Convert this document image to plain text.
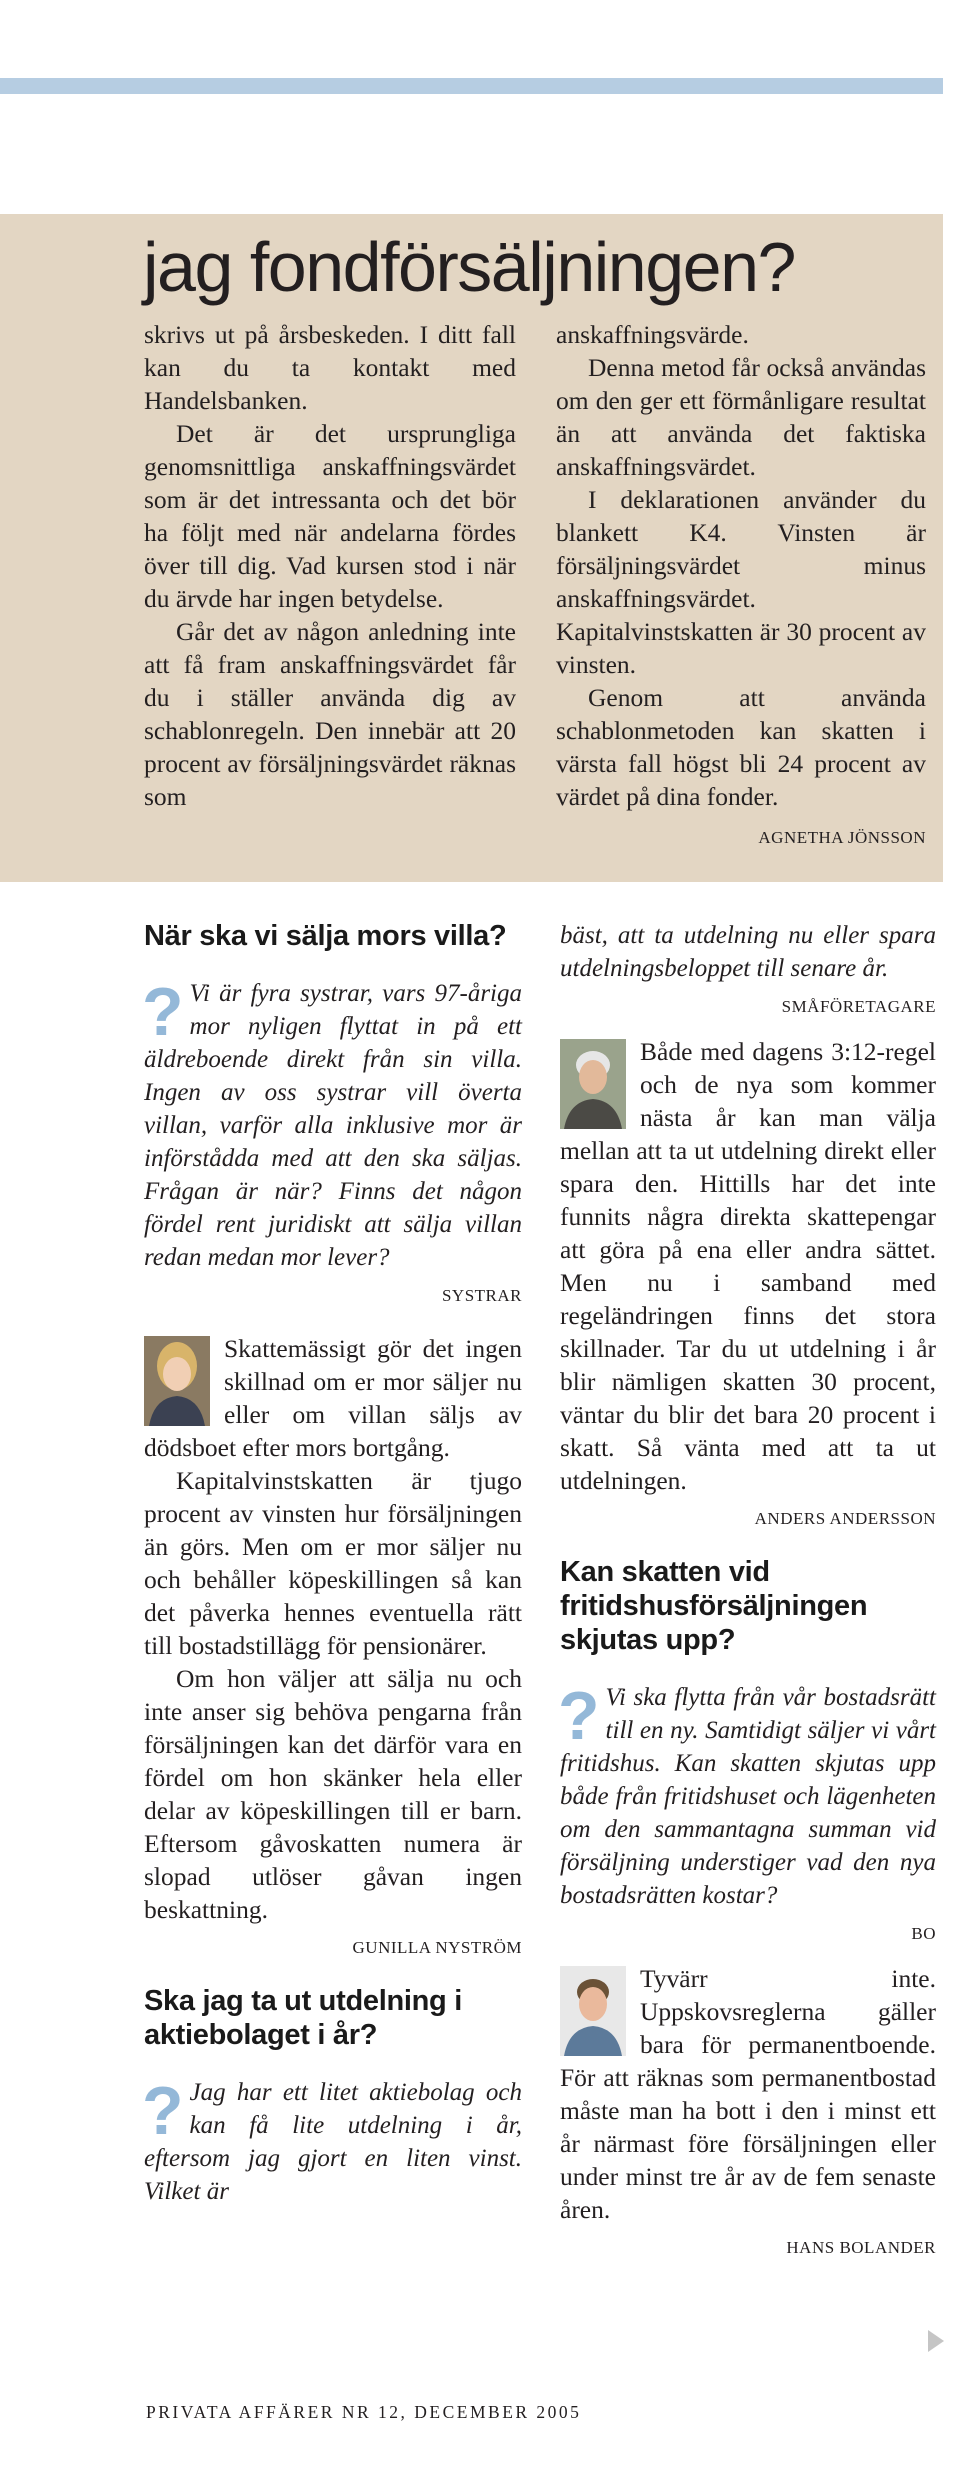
jag fondförsäljningen?

skrivs ut på årsbeskeden. I ditt fall kan du ta kontakt med Handelsbanken.

Det är det ursprungliga genomsnittliga anskaffningsvärdet som är det intressanta och det bör ha följt med när andelarna fördes över till dig. Vad kursen stod i när du ärvde har ingen betydelse.

Går det av någon anledning inte att få fram anskaffningsvärdet får du i ställer använda dig av schablonregeln. Den innebär att 20 procent av försäljningsvärdet räknas som

anskaffningsvärde.

Denna metod får också användas om den ger ett förmånligare resultat än att använda det faktiska anskaffningsvärdet.

I deklarationen använder du blankett K4. Vinsten är försäljningsvärdet minus anskaffningsvärdet. Kapitalvinstskatten är 30 procent av vinsten.

Genom att använda schablonmetoden kan skatten i värsta fall högst bli 24 procent av värdet på dina fonder.

AGNETHA JÖNSSON
När ska vi sälja mors villa?

? Vi är fyra systrar, vars 97-åriga mor nyligen flyttat in på ett äldreboende direkt från sin villa. Ingen av oss systrar vill överta villan, varför alla inklusive mor är införstådda med att den ska säljas. Frågan är när? Finns det någon fördel rent juridiskt att sälja villan redan medan mor lever?

SYSTRAR

Skattemässigt gör det ingen skillnad om er mor säljer nu eller om villan säljs av dödsboet efter mors bortgång.

Kapitalvinstskatten är tjugo procent av vinsten hur försäljningen än görs. Men om er mor säljer nu och behåller köpeskillingen så kan det påverka hennes eventuella rätt till bostadstillägg för pensionärer.

Om hon väljer att sälja nu och inte anser sig behöva pengarna från försäljningen kan det därför vara en fördel om hon skänker hela eller delar av köpeskillingen till er barn. Eftersom gåvoskatten numera är slopad utlöser gåvan ingen beskattning.

GUNILLA NYSTRÖM
Ska jag ta ut utdelning i aktiebolaget i år?

? Jag har ett litet aktiebolag och kan få lite utdelning i år, eftersom jag gjort en liten vinst. Vilket är

bäst, att ta utdelning nu eller spara utdelningsbeloppet till senare år.

SMÅFÖRETAGARE

Både med dagens 3:12-regel och de nya som kommer nästa år kan man välja mellan att ta ut utdelning direkt eller spara den. Hittills har det inte funnits några direkta skattepengar att göra på ena eller andra sättet. Men nu i samband med regeländringen finns det stora skillnader. Tar du ut utdelning i år blir nämligen skatten 30 procent, väntar du blir det bara 20 procent i skatt. Så vänta med att ta ut utdelningen.

ANDERS ANDERSSON
Kan skatten vid fritidshusförsäljningen skjutas upp?

? Vi ska flytta från vår bostadsrätt till en ny. Samtidigt säljer vi vårt fritidshus. Kan skatten skjutas upp både från fritidshuset och lägenheten om den sammantagna summan vid försäljning understiger vad den nya bostadsrätten kostar?

BO

Tyvärr inte. Uppskovsreglerna gäller bara för permanentboende. För att räknas som permanentbostad måste man ha bott i den i minst ett år närmast före försäljningen eller under minst tre år av de fem senaste åren.

HANS BOLANDER
PRIVATA AFFÄRER NR 12, DECEMBER 2005
